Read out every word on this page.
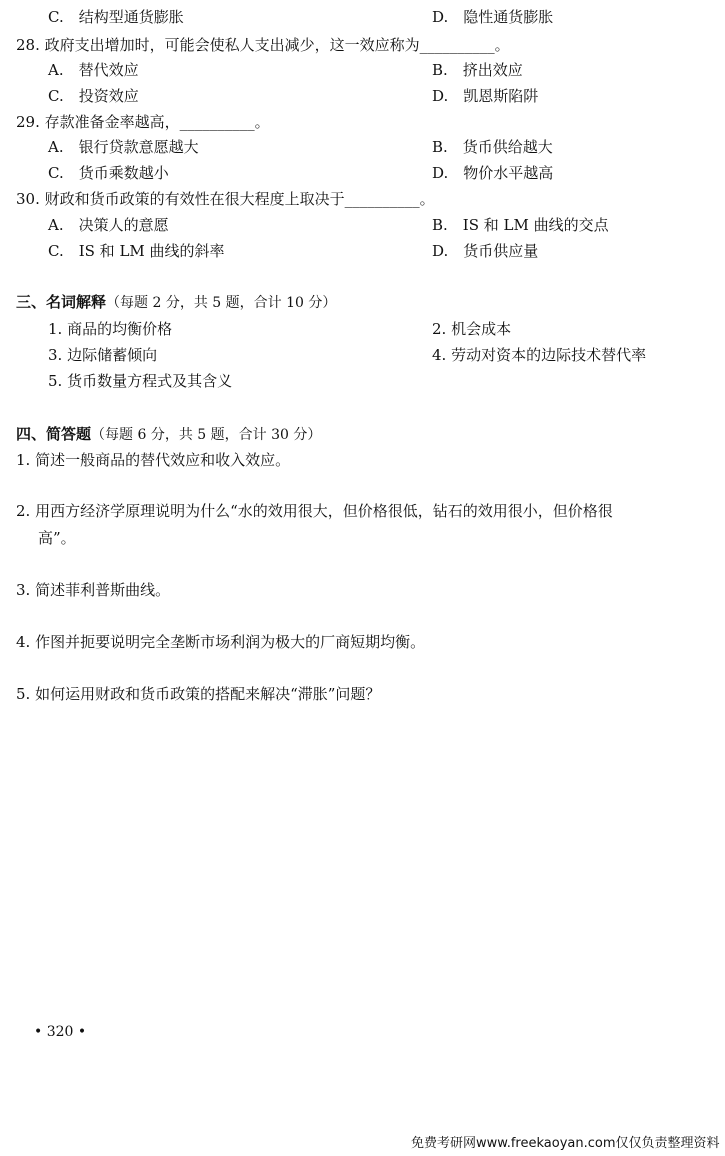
C.　结构型通货膨胀	D.　隐性通货膨胀
28. 政府支出增加时，可能会使私人支出减少，这一效应称为__________。
A.　替代效应	B.　挤出效应
C.　投资效应	D.　凯恩斯陷阱
29. 存款准备金率越高，__________。
A.　银行贷款意愿越大	B.　货币供给越大
C.　货币乘数越小	D.　物价水平越高
30. 财政和货币政策的有效性在很大程度上取决于__________。
A.　决策人的意愿	B.　IS 和 LM 曲线的交点
C.　IS 和 LM 曲线的斜率	D.　货币供应量
三、名词解释（每题 2 分，共 5 题，合计 10 分）
1. 商品的均衡价格	2. 机会成本
3. 边际储蓄倾向	4. 劳动对资本的边际技术替代率
5. 货币数量方程式及其含义
四、简答题（每题 6 分，共 5 题，合计 30 分）
1. 简述一般商品的替代效应和收入效应。
2. 用西方经济学原理说明为什么“水的效用很大，但价格很低，钻石的效用很小，但价格很
高”。
3. 简述菲利普斯曲线。
4. 作图并扼要说明完全垄断市场利润为极大的厂商短期均衡。
5. 如何运用财政和货币政策的搭配来解决“滞胀”问题？
• 320 •
免费考研网www.freekaoyan.com仅仅负责整理资料
